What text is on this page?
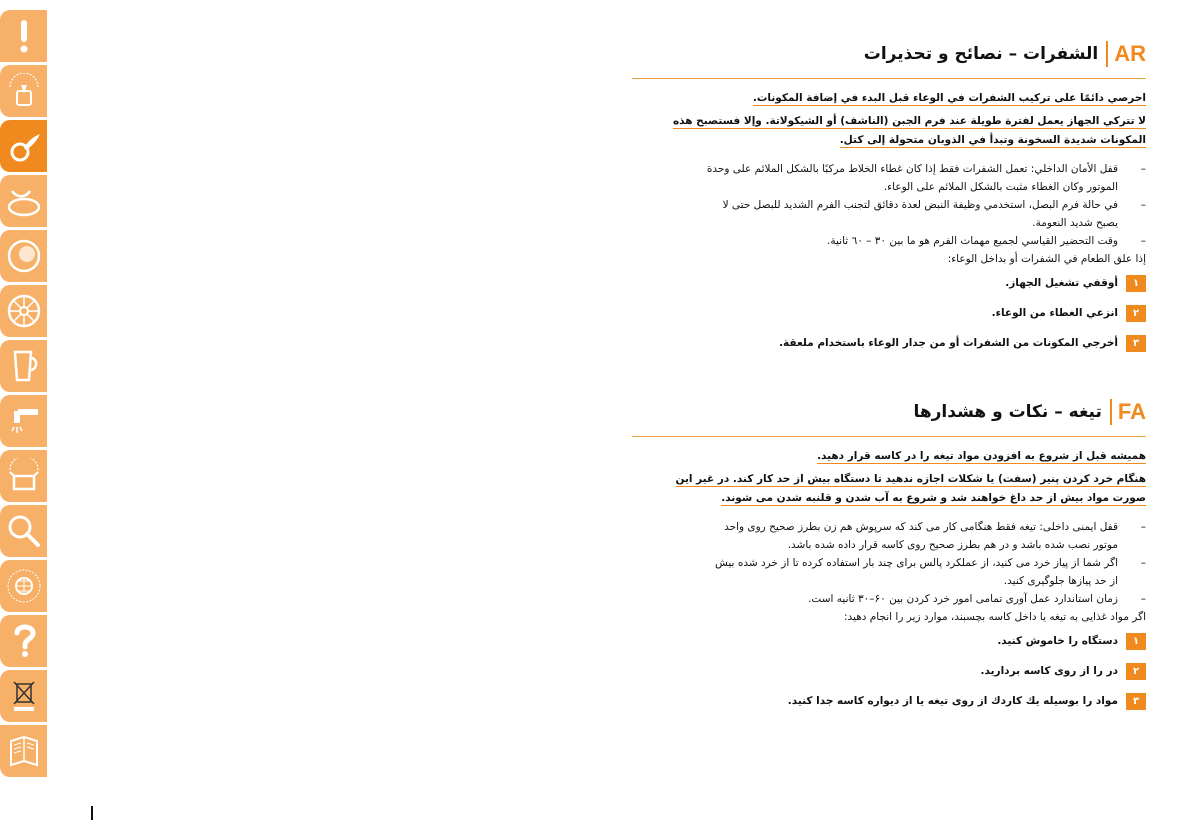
AR
الشفرات – نصائح و تحذيرات
احرصي دائمًا على تركيب الشفرات في الوعاء قبل البدء في إضافة المكونات.
لا تتركي الجهاز يعمل لفترة طويلة عند فرم الجبن (الناشف) أو الشيكولاتة. وإلا فستصبح هذه
المكونات شديدة السخونة وتبدأ في الذوبان متحولة إلى كتل.
–
قفل الأمان الداخلي: تعمل الشفرات فقط إذا كان غطاء الخلاط مركبًا بالشكل الملائم على وحدة
الموتور وكان الغطاء مثبت بالشكل الملائم على الوعاء.
–
في حالة فرم البصل، استخدمي وظيفة النبض لعدة دقائق لتجنب الفرم الشديد للبصل حتى لا
يصبح شديد النعومة.
–
وقت التحضير القياسي لجميع مهمات الفرم هو ما بين ٣٠ – ٦٠ ثانية.
إذا علق الطعام في الشفرات أو بداخل الوعاء:
١
أوقفي تشغيل الجهاز.
٢
انزعي الغطاء من الوعاء.
٣
أخرجي المكونات من الشفرات أو من جدار الوعاء باستخدام ملعقة.
FA
تيغه – نكات و هشدارها
هميشه قبل از شروع به افزودن مواد تيغه را در كاسه قرار دهيد.
هنگام خرد كردن پنير (سفت) يا شكلات اجازه ندهيد تا دستگاه بيش از حد كار كند. در غير اين
صورت مواد بيش از حد داغ خواهند شد و شروع به آب شدن و قلنبه شدن می شوند.
–
قفل ايمنی داخلی: تيغه فقط هنگامی كار می كند كه سرپوش هم زن بطرز صحيح روی واحد
موتور نصب شده باشد و در هم بطرز صحيح روی كاسه قرار داده شده باشد.
–
اگر شما از پياز خرد می كنيد، از عملكرد پالس برای چند بار استفاده كرده تا از خرد شده بيش
از حد پيازها جلوگيری كنيد.
–
زمان استاندارد عمل آوری تمامی امور خرد كردن بين ۶۰–۳۰ ثانيه است.
اگر مواد غذايی به تيغه يا داخل كاسه بچسبند، موارد زير را انجام دهيد:
١
دستگاه را خاموش كنيد.
٢
در را از روی كاسه برداريد.
٣
مواد را بوسيله يك كاردك از روی تيغه يا از ديواره كاسه جدا كنيد.
